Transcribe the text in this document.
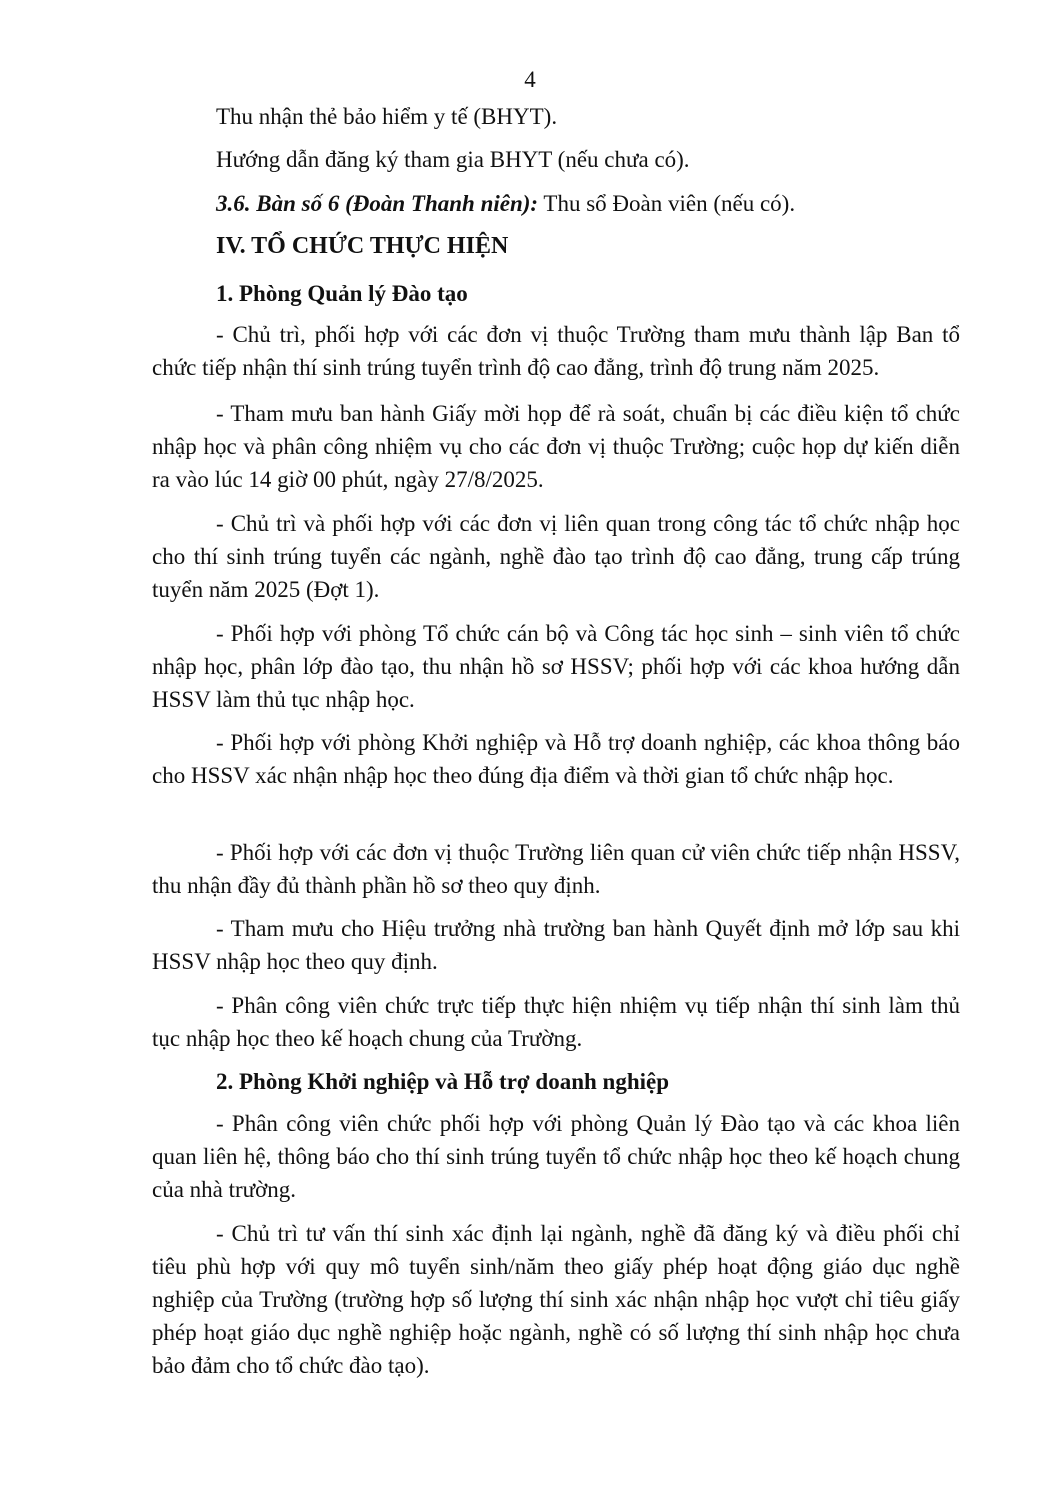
4

Thu nhận thẻ bảo hiểm y tế (BHYT).

Hướng dẫn đăng ký tham gia BHYT (nếu chưa có).

3.6. Bàn số 6 (Đoàn Thanh niên): Thu sổ Đoàn viên (nếu có).

IV. TỔ CHỨC THỰC HIỆN

1. Phòng Quản lý Đào tạo

- Chủ trì, phối hợp với các đơn vị thuộc Trường tham mưu thành lập Ban tổ chức tiếp nhận thí sinh trúng tuyển trình độ cao đẳng, trình độ trung năm 2025.

- Tham mưu ban hành Giấy mời họp để rà soát, chuẩn bị các điều kiện tổ chức nhập học và phân công nhiệm vụ cho các đơn vị thuộc Trường; cuộc họp dự kiến diễn ra vào lúc 14 giờ 00 phút, ngày 27/8/2025.

- Chủ trì và phối hợp với các đơn vị liên quan trong công tác tổ chức nhập học cho thí sinh trúng tuyển các ngành, nghề đào tạo trình độ cao đẳng, trung cấp trúng tuyển năm 2025 (Đợt 1).

- Phối hợp với phòng Tổ chức cán bộ và Công tác học sinh – sinh viên tổ chức nhập học, phân lớp đào tạo, thu nhận hồ sơ HSSV; phối hợp với các khoa hướng dẫn HSSV làm thủ tục nhập học.

- Phối hợp với phòng Khởi nghiệp và Hỗ trợ doanh nghiệp, các khoa thông báo cho HSSV xác nhận nhập học theo đúng địa điểm và thời gian tổ chức nhập học.

- Phối hợp với các đơn vị thuộc Trường liên quan cử viên chức tiếp nhận HSSV, thu nhận đầy đủ thành phần hồ sơ theo quy định.

- Tham mưu cho Hiệu trưởng nhà trường ban hành Quyết định mở lớp sau khi HSSV nhập học theo quy định.

- Phân công viên chức trực tiếp thực hiện nhiệm vụ tiếp nhận thí sinh làm thủ tục nhập học theo kế hoạch chung của Trường.

2. Phòng Khởi nghiệp và Hỗ trợ doanh nghiệp

- Phân công viên chức phối hợp với phòng Quản lý Đào tạo và các khoa liên quan liên hệ, thông báo cho thí sinh trúng tuyển tổ chức nhập học theo kế hoạch chung của nhà trường.

- Chủ trì tư vấn thí sinh xác định lại ngành, nghề đã đăng ký và điều phối chỉ tiêu phù hợp với quy mô tuyển sinh/năm theo giấy phép hoạt động giáo dục nghề nghiệp của Trường (trường hợp số lượng thí sinh xác nhận nhập học vượt chỉ tiêu giấy phép hoạt giáo dục nghề nghiệp hoặc ngành, nghề có số lượng thí sinh nhập học chưa bảo đảm cho tổ chức đào tạo).
